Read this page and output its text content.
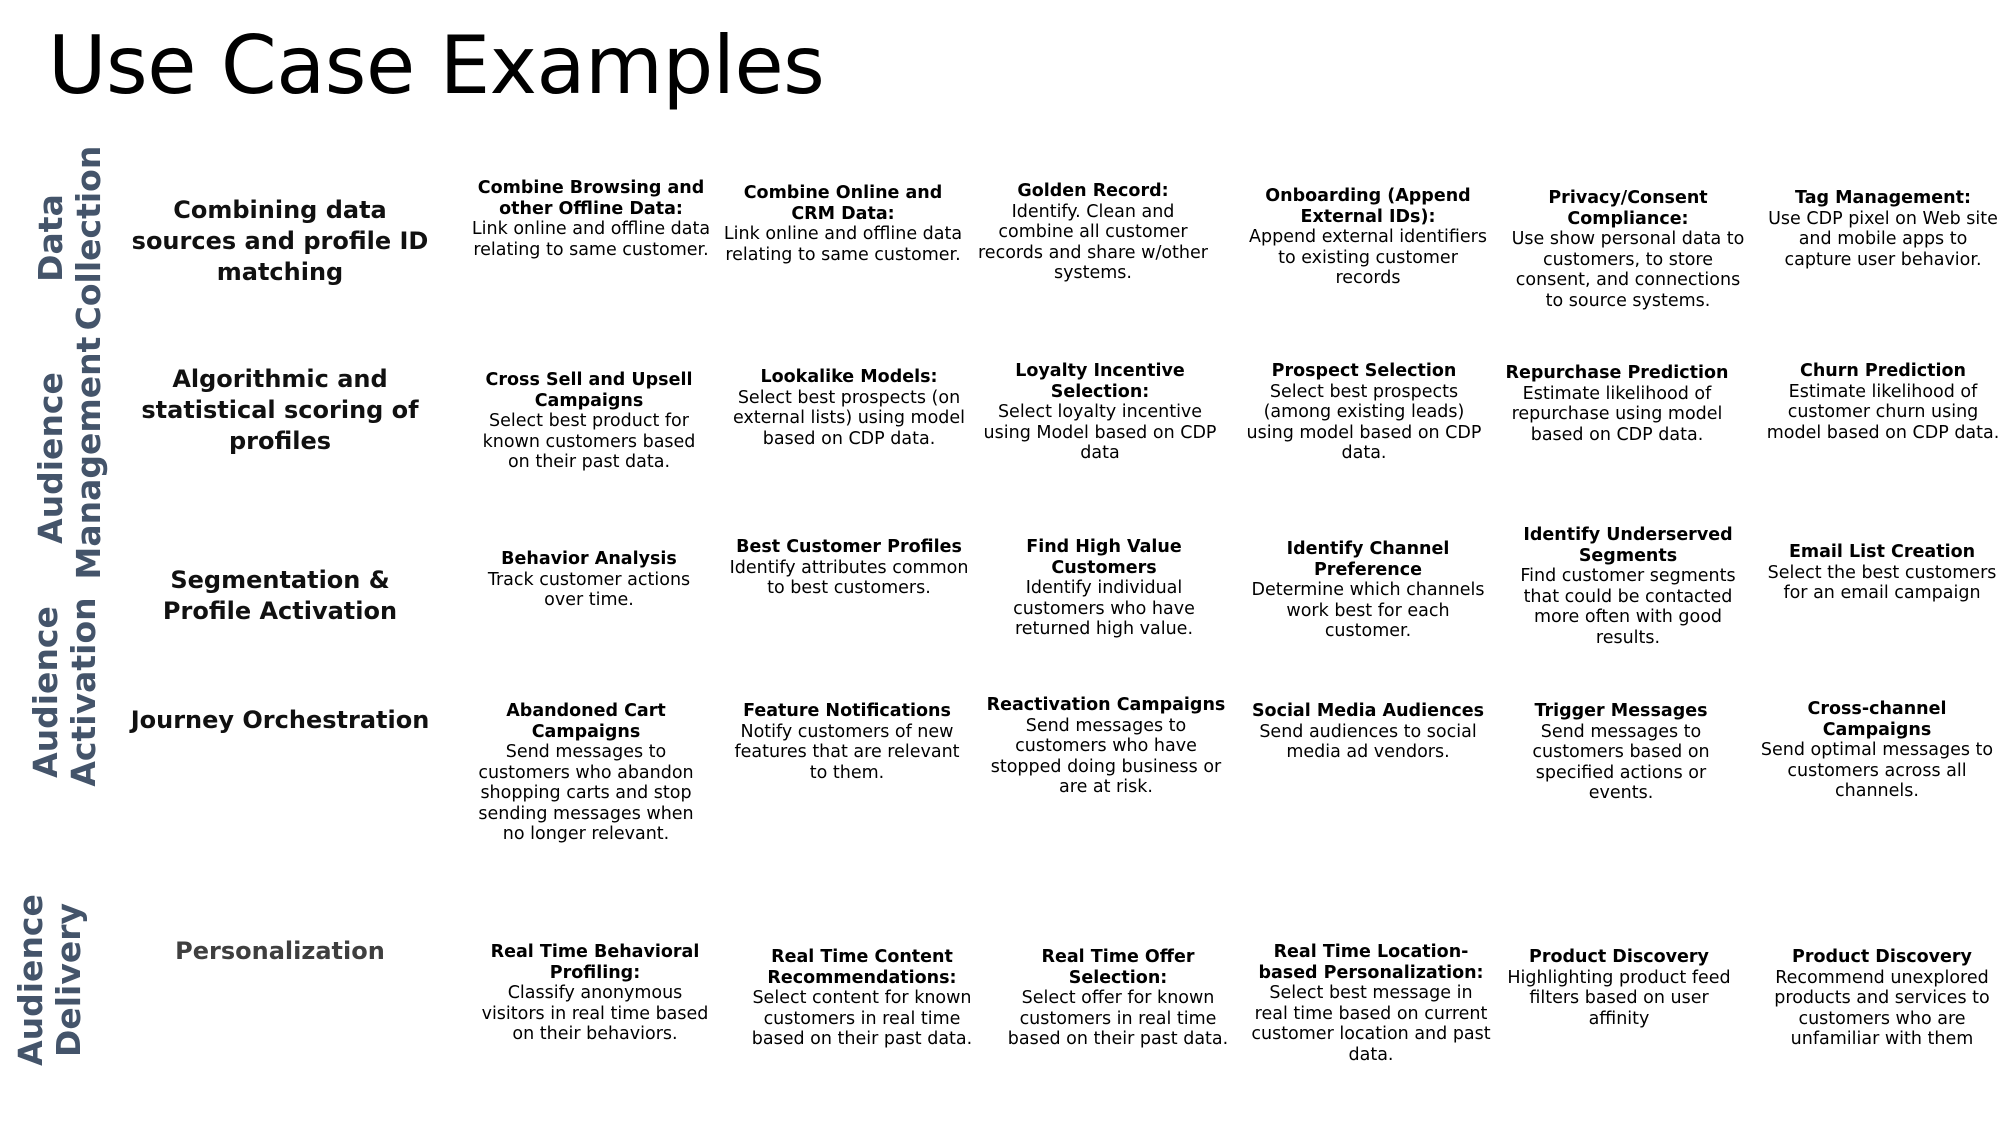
Use Case Examples
Data Collection
Audience Management
Audience Activation
Audience Delivery
Combining data sources and profile ID matching
Algorithmic and statistical scoring of profiles
Segmentation & Profile Activation
Journey Orchestration
Personalization
Combine Browsing and other Offline Data:
Link online and offline data relating to same customer.
Combine Online and CRM Data:
Link online and offline data relating to same customer.
Golden Record:
Identify. Clean and combine all customer records and share w/other systems.
Onboarding (Append External IDs):
Append external identifiers to existing customer records
Privacy/Consent Compliance:
Use show personal data to customers, to store consent, and connections to source systems.
Tag Management:
Use CDP pixel on Web site and mobile apps to capture user behavior.
Cross Sell and Upsell Campaigns
Select best product for known customers based on their past data.
Lookalike Models:
Select best prospects (on external lists) using model based on CDP data.
Loyalty Incentive Selection:
Select loyalty incentive using Model based on CDP data
Prospect Selection
Select best prospects (among existing leads) using model based on CDP data.
Repurchase Prediction
Estimate likelihood of repurchase using model based on CDP data.
Churn Prediction
Estimate likelihood of customer churn using model based on CDP data.
Behavior Analysis
Track customer actions over time.
Best Customer Profiles
Identify attributes common to best customers.
Find High Value Customers
Identify individual customers who have returned high value.
Identify Channel Preference
Determine which channels work best for each customer.
Identify Underserved Segments
Find customer segments that could be contacted more often with good results.
Email List Creation
Select the best customers for an email campaign
Abandoned Cart Campaigns
Send messages to customers who abandon shopping carts and stop sending messages when no longer relevant.
Feature Notifications
Notify customers of new features that are relevant to them.
Reactivation Campaigns
Send messages to customers who have stopped doing business or are at risk.
Social Media Audiences
Send audiences to social media ad vendors.
Trigger Messages
Send messages to customers based on specified actions or events.
Cross-channel Campaigns
Send optimal messages to customers across all channels.
Real Time Behavioral Profiling:
Classify anonymous visitors in real time based on their behaviors.
Real Time Content Recommendations:
Select content for known customers in real time based on their past data.
Real Time Offer Selection:
Select offer for known customers in real time based on their past data.
Real Time Location-based Personalization:
Select best message in real time based on current customer location and past data.
Product Discovery
Highlighting product feed filters based on user affinity
Product Discovery
Recommend unexplored products and services to customers who are unfamiliar with them
